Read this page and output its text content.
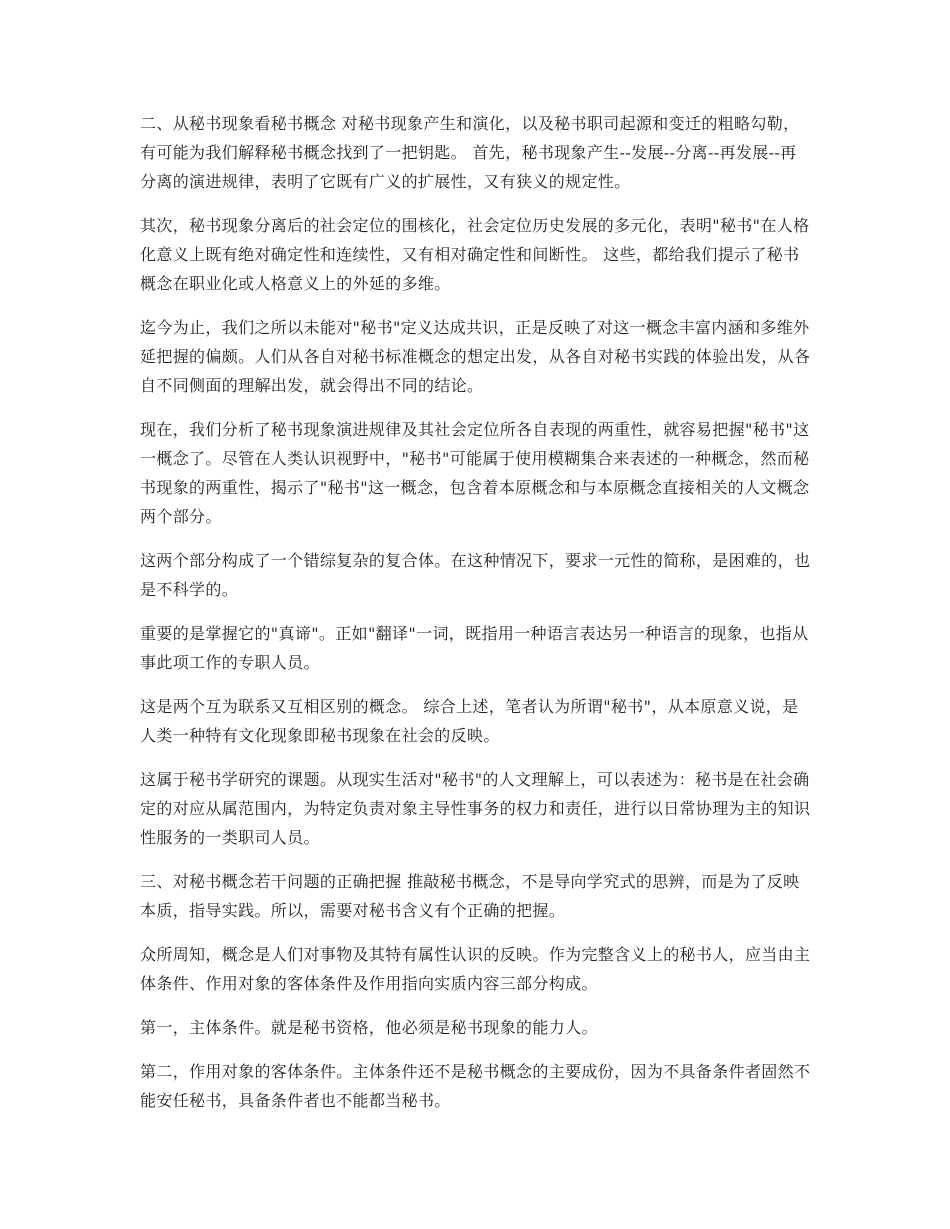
二、从秘书现象看秘书概念 对秘书现象产生和演化，以及秘书职司起源和变迁的粗略勾勒，有可能为我们解释秘书概念找到了一把钥匙。 首先，秘书现象产生--发展--分离--再发展--再分离的演进规律，表明了它既有广义的扩展性，又有狭义的规定性。

其次，秘书现象分离后的社会定位的围核化，社会定位历史发展的多元化，表明"秘书"在人格化意义上既有绝对确定性和连续性，又有相对确定性和间断性。 这些，都给我们提示了秘书概念在职业化或人格意义上的外延的多维。

迄今为止，我们之所以未能对"秘书"定义达成共识，正是反映了对这一概念丰富内涵和多维外延把握的偏颇。人们从各自对秘书标准概念的想定出发，从各自对秘书实践的体验出发，从各自不同侧面的理解出发，就会得出不同的结论。

现在，我们分析了秘书现象演进规律及其社会定位所各自表现的两重性，就容易把握"秘书"这一概念了。尽管在人类认识视野中，"秘书"可能属于使用模糊集合来表述的一种概念，然而秘书现象的两重性，揭示了"秘书"这一概念，包含着本原概念和与本原概念直接相关的人文概念两个部分。

这两个部分构成了一个错综复杂的复合体。在这种情况下，要求一元性的简称，是困难的，也是不科学的。

重要的是掌握它的"真谛"。正如"翻译"一词，既指用一种语言表达另一种语言的现象，也指从事此项工作的专职人员。

这是两个互为联系又互相区别的概念。 综合上述，笔者认为所谓"秘书"，从本原意义说，是人类一种特有文化现象即秘书现象在社会的反映。

这属于秘书学研究的课题。从现实生活对"秘书"的人文理解上，可以表述为：秘书是在社会确定的对应从属范围内，为特定负责对象主导性事务的权力和责任，进行以日常协理为主的知识性服务的一类职司人员。

三、对秘书概念若干问题的正确把握 推敲秘书概念，不是导向学究式的思辨，而是为了反映本质，指导实践。所以，需要对秘书含义有个正确的把握。

众所周知，概念是人们对事物及其特有属性认识的反映。作为完整含义上的秘书人，应当由主体条件、作用对象的客体条件及作用指向实质内容三部分构成。

第一，主体条件。就是秘书资格，他必须是秘书现象的能力人。

第二，作用对象的客体条件。主体条件还不是秘书概念的主要成份，因为不具备条件者固然不能安任秘书，具备条件者也不能都当秘书。
